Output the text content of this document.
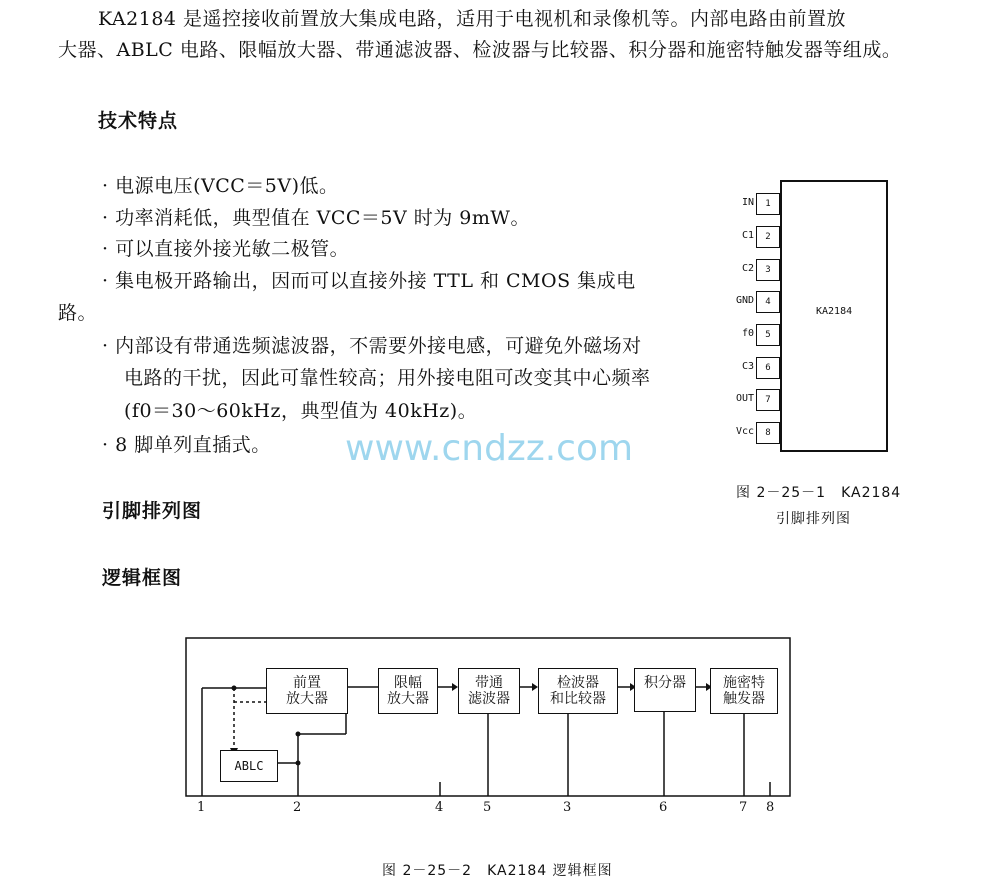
KA2184 是遥控接收前置放大集成电路，适用于电视机和录像机等。内部电路由前置放
大器、ABLC 电路、限幅放大器、带通滤波器、检波器与比较器、积分器和施密特触发器等组成。
技术特点
· 电源电压(VCC＝5V)低。
· 功率消耗低，典型值在 VCC＝5V 时为 9mW。
· 可以直接外接光敏二极管。
· 集电极开路输出，因而可以直接外接 TTL 和 CMOS 集成电
路。
· 内部设有带通选频滤波器，不需要外接电感，可避免外磁场对
电路的干扰，因此可靠性较高；用外接电阻可改变其中心频率
(f0＝30～60kHz，典型值为 40kHz)。
· 8 脚单列直插式。 www.cndzz.com
引脚排列图
KA2184
IN	1
C1	2
C2	3
GND	4
f0	5
C3	6
OUT	7
Vcc	8
图 2－25－1　KA2184
引脚排列图
逻辑框图
前置
放大器
ABLC
限幅
放大器
带通
滤波器
检波器
和比较器
积分器	施密特
触发器
1	2	4	5	3	6	7 8
图 2－25－2　KA2184 逻辑框图
